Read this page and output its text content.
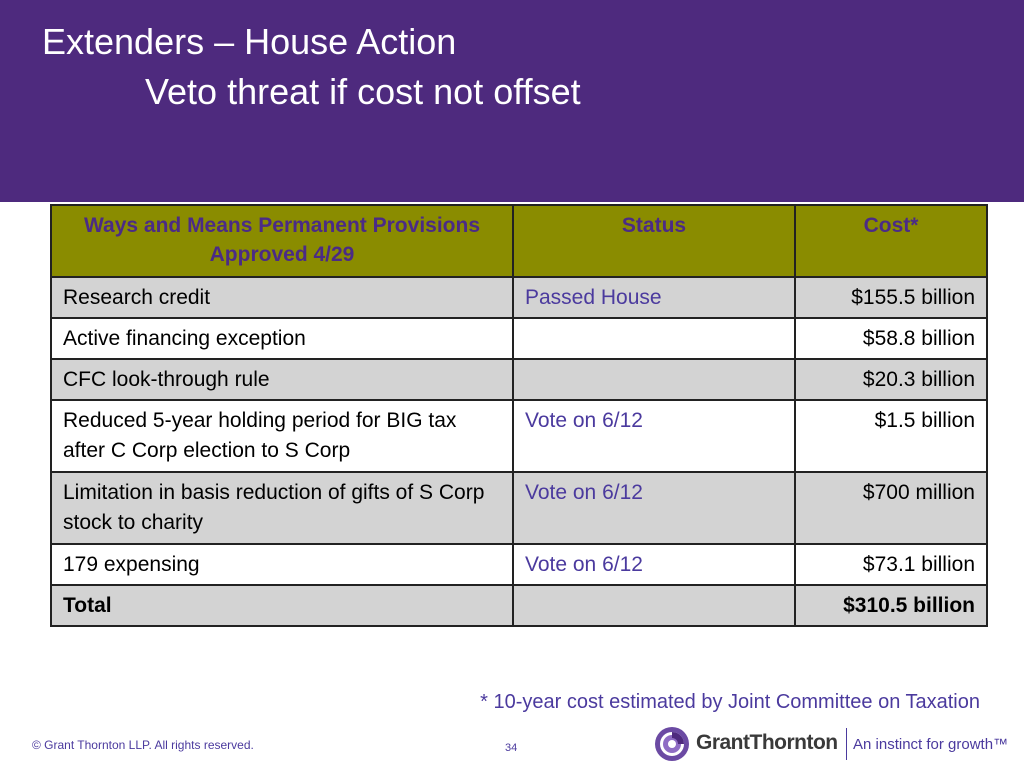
Extenders – House Action
Veto threat if cost not offset
Ways and Means Permanent Provisions Approved 4/29	Status	Cost*
Research credit	Passed House	$155.5 billion
Active financing exception		$58.8 billion
CFC look-through rule		$20.3 billion
Reduced 5-year holding period for BIG tax after C Corp election to S Corp	Vote on 6/12	$1.5 billion
Limitation in basis reduction of gifts of S Corp stock to charity	Vote on 6/12	$700 million
179 expensing	Vote on 6/12	$73.1 billion
Total		$310.5 billion
* 10-year cost estimated by Joint Committee on Taxation
© Grant Thornton LLP. All rights reserved.	34	GrantThornton An instinct for growth™
